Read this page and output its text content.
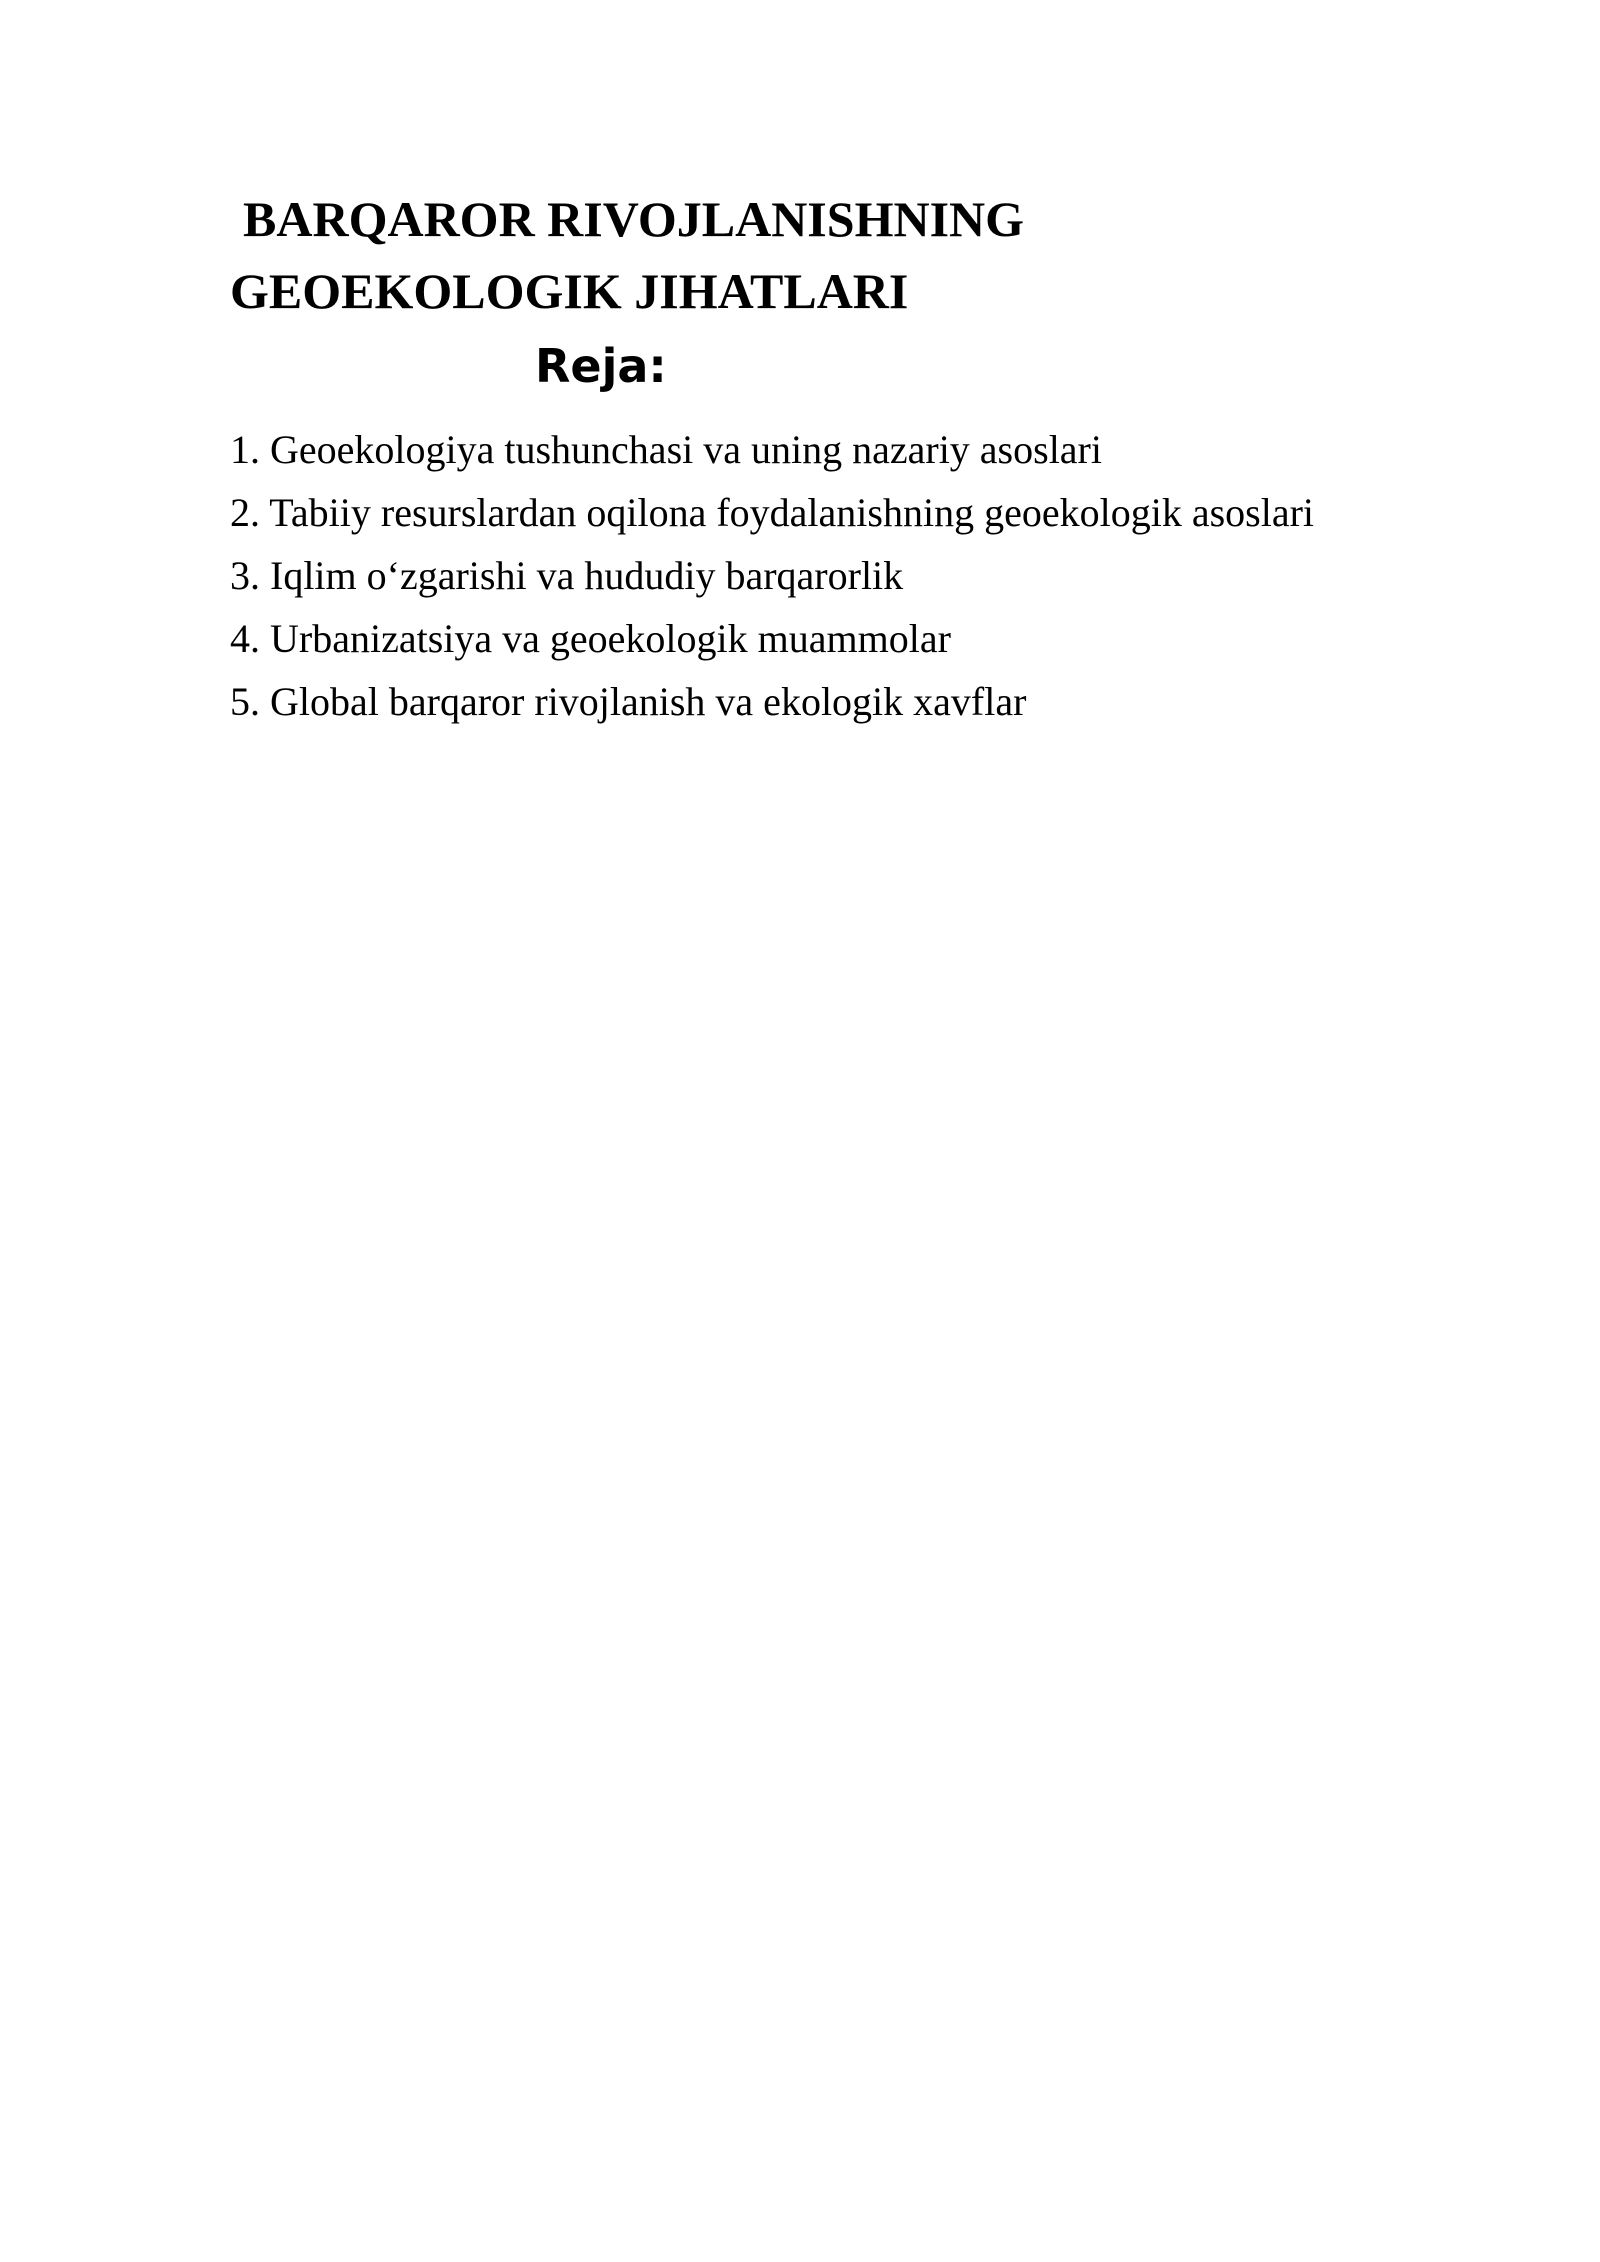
BARQAROR RIVOJLANISHNING
GEOEKOLOGIK JIHATLARI
Reja:
1. Geoekologiya tushunchasi va uning nazariy asoslari
2. Tabiiy resurslardan oqilona foydalanishning geoekologik asoslari
3. Iqlim o‘zgarishi va hududiy barqarorlik
4. Urbanizatsiya va geoekologik muammolar
5. Global barqaror rivojlanish va ekologik xavflar
